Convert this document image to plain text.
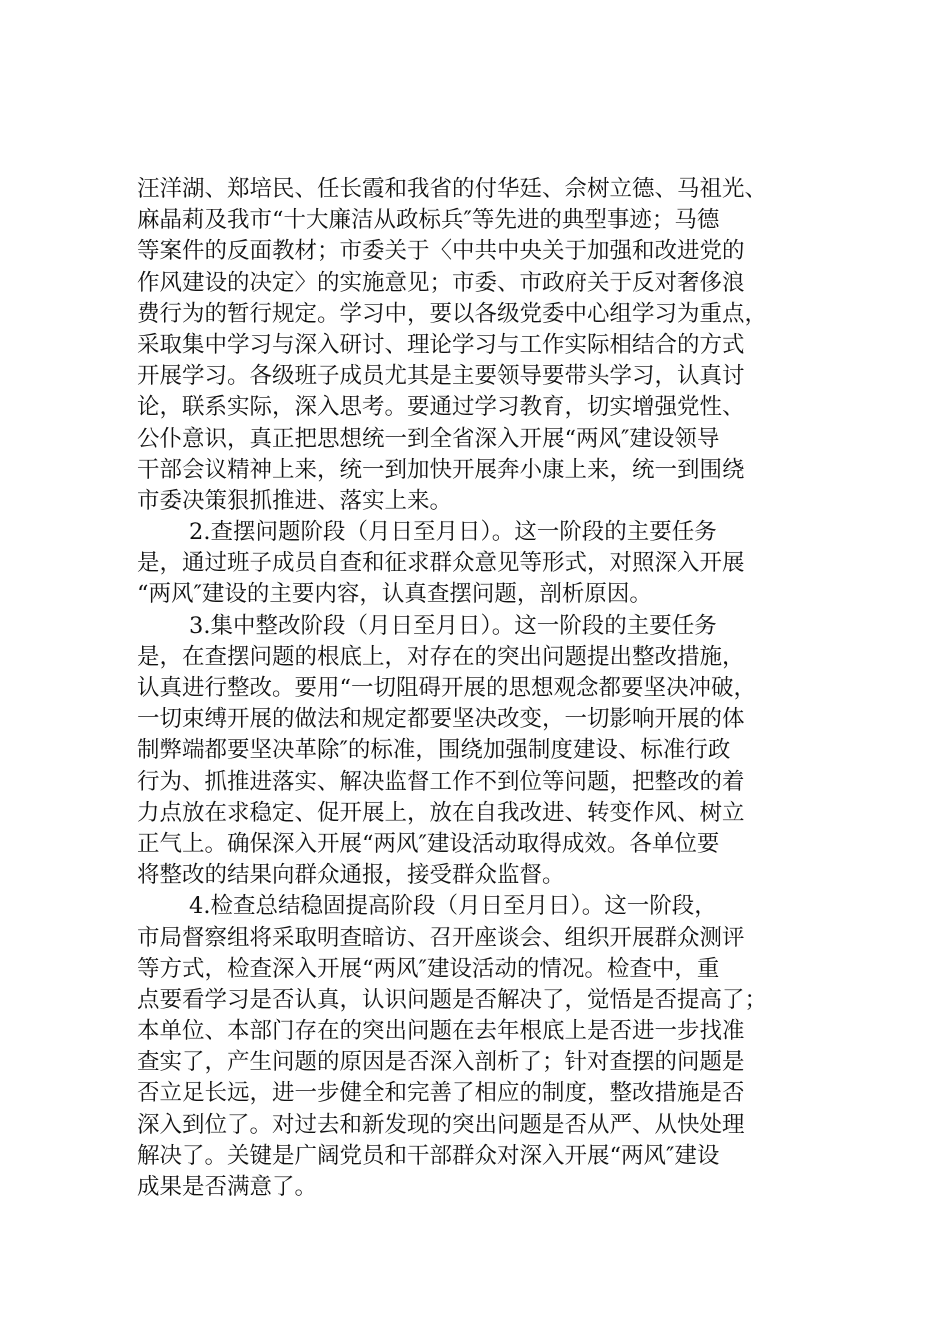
汪洋湖、郑培民、任长霞和我省的付华廷、佘树立德、马祖光、
麻晶莉及我市“十大廉洁从政标兵″等先进的典型事迹；马德
等案件的反面教材；市委关于〈中共中央关于加强和改进党的
作风建设的决定〉的实施意见；市委、市政府关于反对奢侈浪
费行为的暂行规定。学习中，要以各级党委中心组学习为重点，
采取集中学习与深入研讨、理论学习与工作实际相结合的方式
开展学习。各级班子成员尤其是主要领导要带头学习，认真讨
论，联系实际，深入思考。要通过学习教育，切实增强党性、
公仆意识，真正把思想统一到全省深入开展“两风″建设领导
干部会议精神上来，统一到加快开展奔小康上来，统一到围绕
市委决策狠抓推进、落实上来。
2.查摆问题阶段（月日至月日）。这一阶段的主要任务
是，通过班子成员自查和征求群众意见等形式，对照深入开展
“两风″建设的主要内容，认真查摆问题，剖析原因。
3.集中整改阶段（月日至月日）。这一阶段的主要任务
是，在查摆问题的根底上，对存在的突出问题提出整改措施，
认真进行整改。要用“一切阻碍开展的思想观念都要坚决冲破，
一切束缚开展的做法和规定都要坚决改变，一切影响开展的体
制弊端都要坚决革除″的标准，围绕加强制度建设、标准行政
行为、抓推进落实、解决监督工作不到位等问题，把整改的着
力点放在求稳定、促开展上，放在自我改进、转变作风、树立
正气上。确保深入开展“两风″建设活动取得成效。各单位要
将整改的结果向群众通报，接受群众监督。
4.检查总结稳固提高阶段（月日至月日）。这一阶段，
市局督察组将采取明查暗访、召开座谈会、组织开展群众测评
等方式，检查深入开展“两风″建设活动的情况。检查中，重
点要看学习是否认真，认识问题是否解决了，觉悟是否提高了；
本单位、本部门存在的突出问题在去年根底上是否进一步找准
查实了，产生问题的原因是否深入剖析了；针对查摆的问题是
否立足长远，进一步健全和完善了相应的制度，整改措施是否
深入到位了。对过去和新发现的突出问题是否从严、从快处理
解决了。关键是广阔党员和干部群众对深入开展“两风″建设
成果是否满意了。
